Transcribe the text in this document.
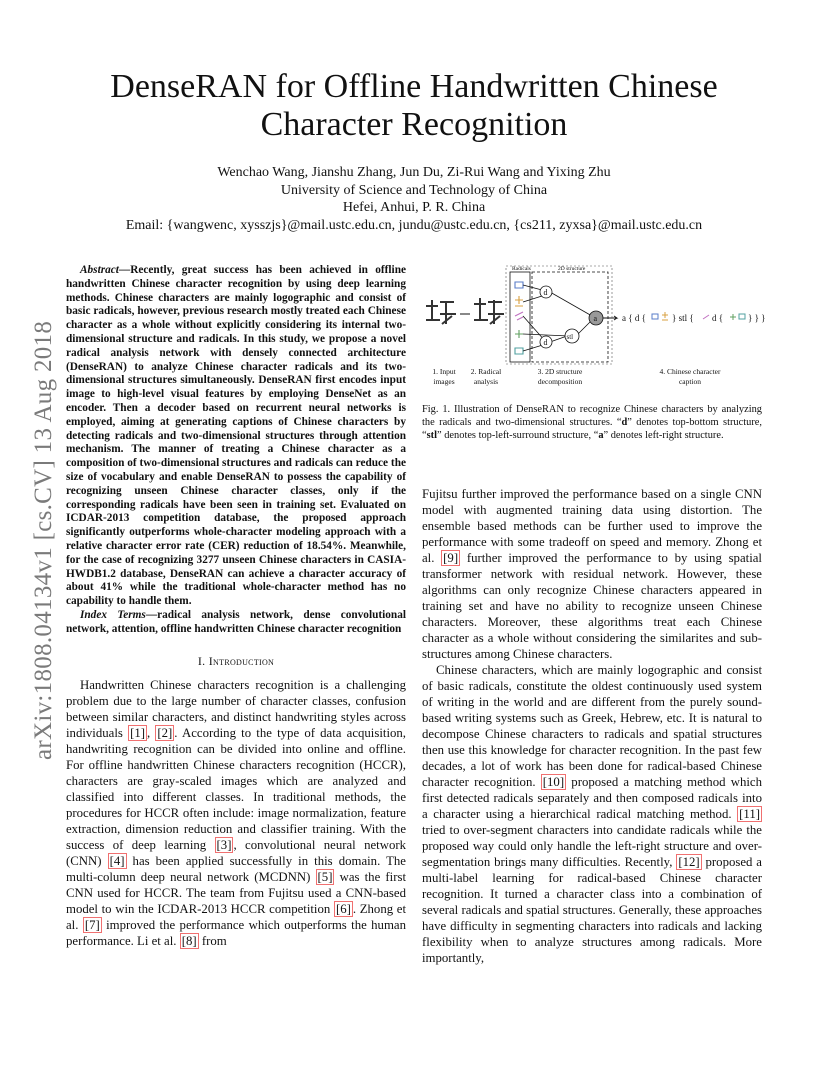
arXiv:1808.04134v1 [cs.CV] 13 Aug 2018
DenseRAN for Offline Handwritten Chinese Character Recognition
Wenchao Wang, Jianshu Zhang, Jun Du, Zi-Rui Wang and Yixing Zhu
University of Science and Technology of China
Hefei, Anhui, P. R. China
Email: {wangwenc, xysszjs}@mail.ustc.edu.cn, jundu@ustc.edu.cn, {cs211, zyxsa}@mail.ustc.edu.cn

Abstract—Recently, great success has been achieved in offline handwritten Chinese character recognition by using deep learning methods. Chinese characters are mainly logographic and consist of basic radicals, however, previous research mostly treated each Chinese character as a whole without explicitly considering its internal two-dimensional structure and radicals. In this study, we propose a novel radical analysis network with densely connected architecture (DenseRAN) to analyze Chinese character radicals and its two-dimensional structures simultaneously. DenseRAN first encodes input image to high-level visual features by employing DenseNet as an encoder. Then a decoder based on recurrent neural networks is employed, aiming at generating captions of Chinese characters by detecting radicals and two-dimensional structures through attention mechanism. The manner of treating a Chinese character as a composition of two-dimensional structures and radicals can reduce the size of vocabulary and enable DenseRAN to possess the capability of recognizing unseen Chinese character classes, only if the corresponding radicals have been seen in training set. Evaluated on ICDAR-2013 competition database, the proposed approach significantly outperforms whole-character modeling approach with a relative character error rate (CER) reduction of 18.54%. Meanwhile, for the case of recognizing 3277 unseen Chinese characters in CASIA-HWDB1.2 database, DenseRAN can achieve a character accuracy of about 41% while the traditional whole-character method has no capability to handle them.

Index Terms—radical analysis network, dense convolutional network, attention, offline handwritten Chinese character recognition

I. Introduction

Handwritten Chinese characters recognition is a challenging problem due to the large number of character classes, confusion between similar characters, and distinct handwriting styles across individuals [1] , [2] . According to the type of data acquisition, handwriting recognition can be divided into online and offline. For offline handwritten Chinese characters recognition (HCCR), characters are gray-scaled images which are analyzed and classified into different classes. In traditional methods, the procedures for HCCR often include: image normalization, feature extraction, dimension reduction and classifier training. With the success of deep learning [3] , convolutional neural network (CNN) [4] has been applied successfully in this domain. The multi-column deep neural network (MCDNN) [5] was the first CNN used for HCCR. The team from Fujitsu used a CNN-based model to win the ICDAR-2013 HCCR competition [6] . Zhong et al. [7] improved the performance which outperforms the human performance. Li et al. [8] from

Radicals	2D structure
d
stl
d
a	a { d {	} stl { d {	} } }
1. Input
images
2. Radical
analysis
3. 2D structure
decomposition
4. Chinese character
caption
Fig. 1. Illustration of DenseRAN to recognize Chinese characters by analyzing the radicals and two-dimensional structures. “d” denotes top-bottom structure, “stl” denotes top-left-surround structure, “a” denotes left-right structure.

Fujitsu further improved the performance based on a single CNN model with augmented training data using distortion. The ensemble based methods can be further used to improve the performance with some tradeoff on speed and memory. Zhong et al. [9] further improved the performance to by using spatial transformer network with residual network. However, these algorithms can only recognize Chinese characters appeared in training set and have no ability to recognize unseen Chinese characters. Moreover, these algorithms treat each Chinese character as a whole without considering the similarites and sub-structures among Chinese characters.

Chinese characters, which are mainly logographic and consist of basic radicals, constitute the oldest continuously used system of writing in the world and are different from the purely sound-based writing systems such as Greek, Hebrew, etc. It is natural to decompose Chinese characters to radicals and spatial structures then use this knowledge for character recognition. In the past few decades, a lot of work has been done for radical-based Chinese character recognition. [10] proposed a matching method which first detected radicals separately and then composed radicals into a character using a hierarchical radical matching method. [11] tried to over-segment characters into candidate radicals while the proposed way could only handle the left-right structure and over-segmentation brings many difficulties. Recently, [12] proposed a multi-label learning for radical-based Chinese character recognition. It turned a character class into a combination of several radicals and spatial structures. Generally, these approaches have difficulty in segmenting characters into radicals and lacking flexibility when to analyze structures among radicals. More importantly,
